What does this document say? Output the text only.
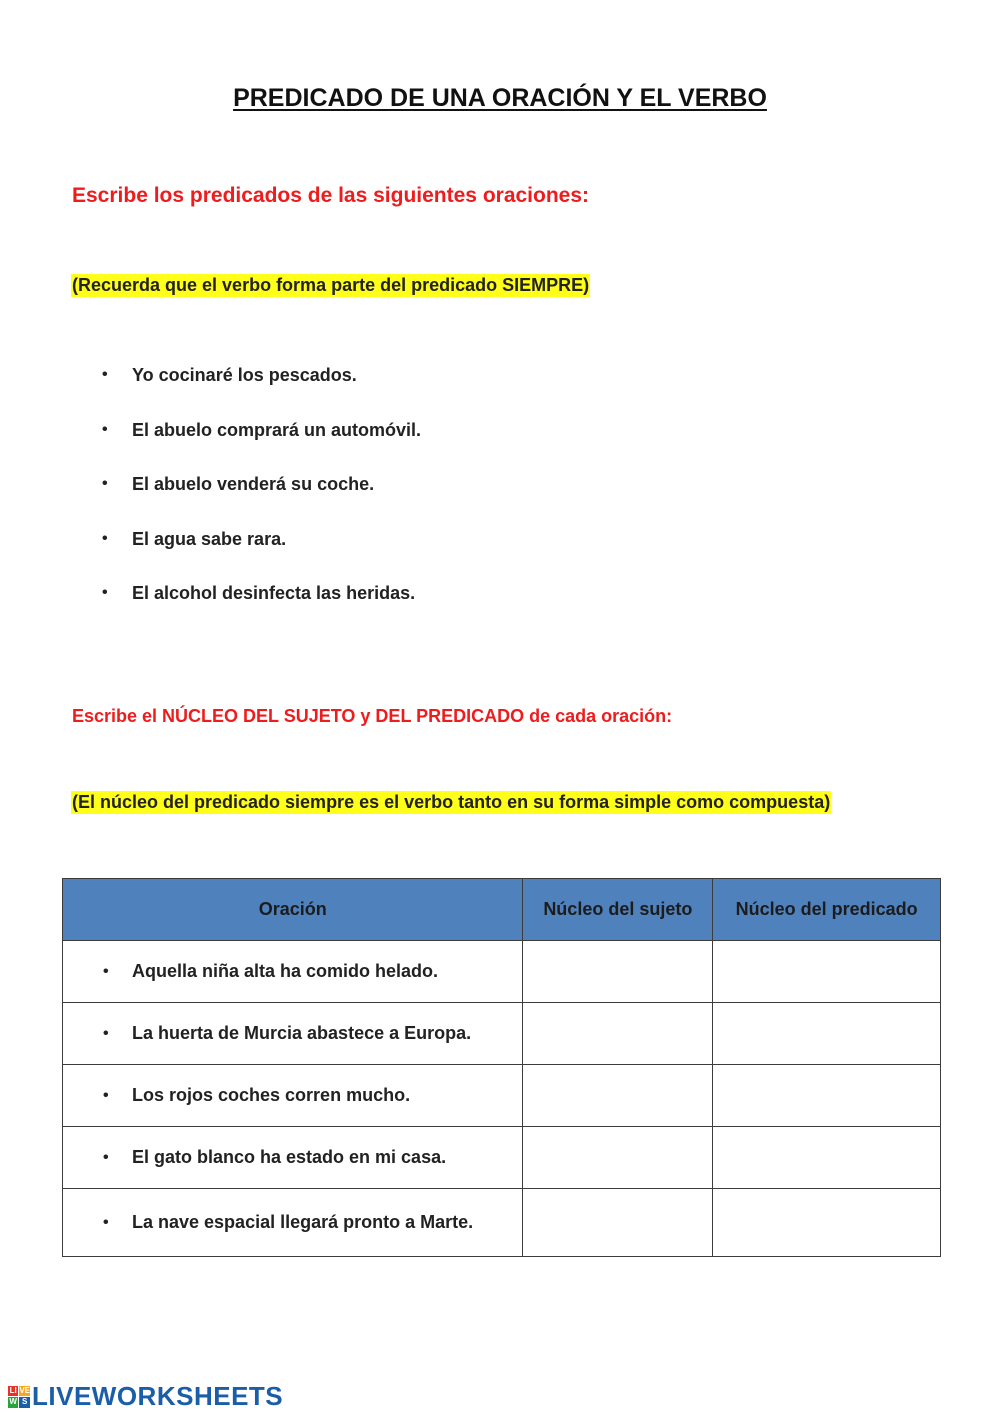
PREDICADO DE UNA ORACIÓN Y EL VERBO
Escribe los predicados de las siguientes oraciones:
(Recuerda que el verbo forma parte del predicado SIEMPRE)
• Yo cocinaré los pescados.
• El abuelo comprará un automóvil.
• El abuelo venderá su coche.
• El agua sabe rara.
• El alcohol desinfecta las heridas.
Escribe el NÚCLEO DEL SUJETO y DEL PREDICADO de cada oración:
(El núcleo del predicado siempre es el verbo tanto en su forma simple como compuesta)
Oración	Núcleo del sujeto	Núcleo del predicado

• Aquella niña alta ha comido helado.		

• La huerta de Murcia abastece a Europa.		

• Los rojos coches corren mucho.		

• El gato blanco ha estado en mi casa.		

• La nave espacial llegará pronto a Marte.		
LI VE
W S LIVEWORKSHEETS
